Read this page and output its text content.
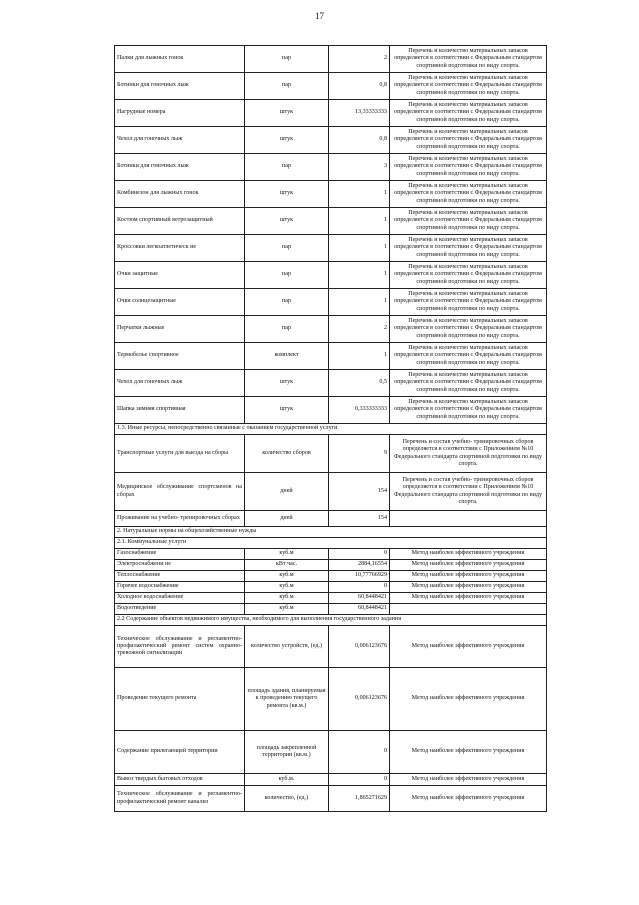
17
Палки для лыжных гонок	пар	2	Перечень и количество материальных запасов определяется в соответствии с Федеральным стандартом спортивной подготовки по виду спорта.
Ботинки для гоночных лыж	пар	0,8	Перечень и количество материальных запасов определяется в соответствии с Федеральным стандартом спортивной подготовки по виду спорта.
Нагрудные номера	штук	13,33333333	Перечень и количество материальных запасов определяется в соответствии с Федеральным стандартом спортивной подготовки по виду спорта.
Чехол для гоночных лыж	штук	0,8	Перечень и количество материальных запасов определяется в соответствии с Федеральным стандартом спортивной подготовки по виду спорта.
Ботинки для гоночных лыж	пар	3	Перечень и количество материальных запасов определяется в соответствии с Федеральным стандартом спортивной подготовки по виду спорта.
Комбинезон для лыжных гонок	штук	1	Перечень и количество материальных запасов определяется в соответствии с Федеральным стандартом спортивной подготовки по виду спорта.
Костюм спортивный ветрозащитный	штук	1	Перечень и количество материальных запасов определяется в соответствии с Федеральным стандартом спортивной подготовки по виду спорта.
Кроссовки легкоатлетическ ие	пар	1	Перечень и количество материальных запасов определяется в соответствии с Федеральным стандартом спортивной подготовки по виду спорта.
Очки защитные	пар	1	Перечень и количество материальных запасов определяется в соответствии с Федеральным стандартом спортивной подготовки по виду спорта.
Очки солнцезащитные	пар	1	Перечень и количество материальных запасов определяется в соответствии с Федеральным стандартом спортивной подготовки по виду спорта.
Перчатки лыжные	пар	2	Перечень и количество материальных запасов определяется в соответствии с Федеральным стандартом спортивной подготовки по виду спорта.
Термобелье спортивное	комплект	1	Перечень и количество материальных запасов определяется в соответствии с Федеральным стандартом спортивной подготовки по виду спорта.
Чехол для гоночных лыж	штук	0,5	Перечень и количество материальных запасов определяется в соответствии с Федеральным стандартом спортивной подготовки по виду спорта.
Шапка зимняя спортивная	штук	0,333333333	Перечень и количество материальных запасов определяется в соответствии с Федеральным стандартом спортивной подготовки по виду спорта.
1.3. Иные ресурсы, непосредственно связанные с оказанием государственной услуги			
Транспортные услуги для выезда на сборы	количество сборов	9	Перечень и состав учебно- тренировочных сборов определяется в соответствии с Приложением №10 Федерального стандарта спортивной подготовки по виду спорта.
Медицинское обслуживание спортсменов на сборах	дней	154	Перечень и состав учебно- тренировочных сборов определяется в соответствии с Приложением №10 Федерального стандарта спортивной подготовки по виду спорта.
Проживание на учебно- тренировочных сборах	дней	154	
2. Натуральные нормы на общехозяйственные нужды			
2.1. Коммунальные услуги			
Газоснабжение	куб.м	0	Метод наиболее эффективного учреждения
Электроснабжени не	кВт час.	2884,16554	Метод наиболее эффективного учреждения
Теплоснабжение	куб.м	10,77766929	Метод наиболее эффективного учреждения
Горячее водоснабжение	куб.м	0	Метод наиболее эффективного учреждения
Холодное водоснабжение	куб.м	60,8448421	Метод наиболее эффективного учреждения
Водоотведение	куб.м	60,8448421	
2.2 Содержание объектов недвижимого имущества, необходимого для выполнения государственного задания			
Техническое обслуживание и регламентно- профилактический ремонт систем охранно- тревожной сигнализации	количество устройств, (ед.)	0,006123676	Метод наиболее эффективного учреждения
Проведение текущего ремонта	площадь здания, планируемая к проведению текущего ремонта (кв.м.)	0,006123676	Метод наиболее эффективного учреждения
Содержание прилегающей территории	площадь закрепленной территории (кв.м.)	0	Метод наиболее эффективного учреждения
Вывоз твердых бытовых отходов	куб.м.	0	Метод наиболее эффективного учреждения
Техническое обслуживание и регламентно- профилактический ремонт канализ	количество, (ед.)	1,865271629	Метод наиболее эффективного учреждения
